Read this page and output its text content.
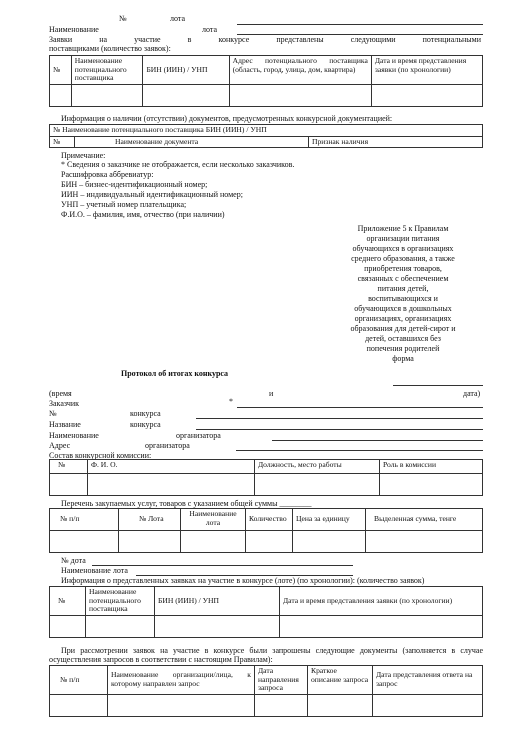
№	лота
Наименование	лота
Заявки	на	участие	в	конкурсе	представлены	следующими	потенциальными
поставщиками (количество заявок):
№	Наименование потенциального поставщика	БИН (ИИН) / УНП	Адрес потенциального поставщика (область, город, улица, дом, квартира)	Дата и время представления заявки (по хронологии)

Информация о наличии (отсутствии) документов, предусмотренных конкурсной документацией:
№ Наименование потенциального поставщика БИН (ИИН) / УНП
№	Наименование документа	Признак наличия
Примечание:
* Сведения о заказчике не отображается, если несколько заказчиков.
Расшифровка аббревиатур:
БИН – бизнес-идентификационный номер;
ИИН – индивидуальный идентификационный номер;
УНП – учетный номер плательщика;
Ф.И.О. – фамилия, имя, отчество (при наличии)
Приложение 5 к Правилам
организации питания
обучающихся в организациях
среднего образования, а также
приобретения товаров,
связанных с обеспечением
питания детей,
воспитывающихся и
обучающихся в дошкольных
организациях, организациях
образования для детей-сирот и
детей, оставшихся без
попечения родителей
форма
Протокол об итогах конкурса
(время	и	дата)
Заказчик	*
№	конкурса
Название	конкурса
Наименование	организатора
Адрес	организатора
Состав конкурсной комиссии:
№	Ф. И. О.	Должность, место работы	Роль в комиссии

Перечень закупаемых услуг, товаров с указанием общей суммы ________
№ п/п	№ Лота	Наименование лота	Количество	Цена за единицу	Выделенная сумма, тенге

№ дота
Наименование лота
Информация о представленных заявках на участие в конкурсе (лоте) (по хронологии): (количество заявок)
№	Наименование потенциального поставщика	БИН (ИИН) / УНП	Дата и время представления заявки (по хронологии)

При рассмотрении заявок на участие в конкурсе были запрошены следующие документы (заполняется в случае осуществления запросов в соответствии с настоящим Правилам):
№ п/п	Наименование организации/лица, к которому направлен запрос	Дата направления запроса	Краткое описание запроса	Дата представления ответа на запрос
